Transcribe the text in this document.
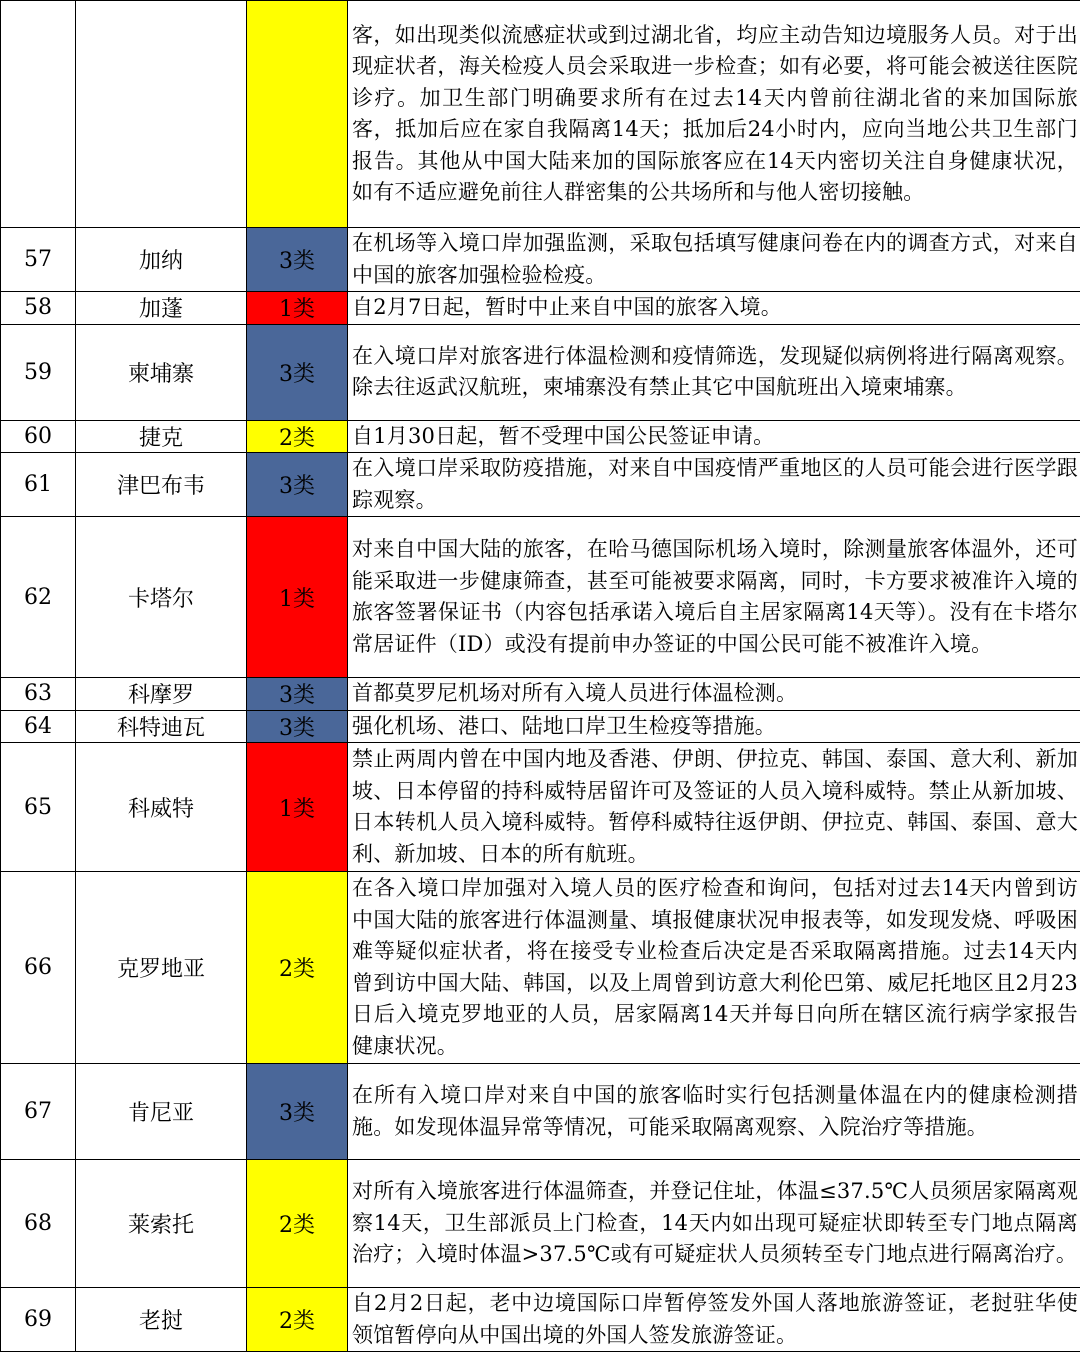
			客，如出现类似流感症状或到过湖北省，均应主动告知边境服务人员。对于出现症状者，海关检疫人员会采取进一步检查；如有必要，将可能会被送往医院诊疗。加卫生部门明确要求所有在过去14天内曾前往湖北省的来加国际旅客，抵加后应在家自我隔离14天；抵加后24小时内，应向当地公共卫生部门报告。其他从中国大陆来加的国际旅客应在14天内密切关注自身健康状况，如有不适应避免前往人群密集的公共场所和与他人密切接触。
57	加纳	3类	在机场等入境口岸加强监测，采取包括填写健康问卷在内的调查方式，对来自中国的旅客加强检验检疫。
58	加蓬	1类	自2月7日起，暂时中止来自中国的旅客入境。
59	柬埔寨	3类	在入境口岸对旅客进行体温检测和疫情筛选，发现疑似病例将进行隔离观察。除去往返武汉航班，柬埔寨没有禁止其它中国航班出入境柬埔寨。
60	捷克	2类	自1月30日起，暂不受理中国公民签证申请。
61	津巴布韦	3类	在入境口岸采取防疫措施，对来自中国疫情严重地区的人员可能会进行医学跟踪观察。
62	卡塔尔	1类	对来自中国大陆的旅客，在哈马德国际机场入境时，除测量旅客体温外，还可能采取进一步健康筛查，甚至可能被要求隔离，同时，卡方要求被准许入境的旅客签署保证书（内容包括承诺入境后自主居家隔离14天等）。没有在卡塔尔常居证件（ID）或没有提前申办签证的中国公民可能不被准许入境。
63	科摩罗	3类	首都莫罗尼机场对所有入境人员进行体温检测。
64	科特迪瓦	3类	强化机场、港口、陆地口岸卫生检疫等措施。
65	科威特	1类	禁止两周内曾在中国内地及香港、伊朗、伊拉克、韩国、泰国、意大利、新加坡、日本停留的持科威特居留许可及签证的人员入境科威特。禁止从新加坡、日本转机人员入境科威特。暂停科威特往返伊朗、伊拉克、韩国、泰国、意大利、新加坡、日本的所有航班。
66	克罗地亚	2类	在各入境口岸加强对入境人员的医疗检查和询问，包括对过去14天内曾到访中国大陆的旅客进行体温测量、填报健康状况申报表等，如发现发烧、呼吸困难等疑似症状者，将在接受专业检查后决定是否采取隔离措施。过去14天内曾到访中国大陆、韩国，以及上周曾到访意大利伦巴第、威尼托地区且2月23日后入境克罗地亚的人员，居家隔离14天并每日向所在辖区流行病学家报告健康状况。
67	肯尼亚	3类	在所有入境口岸对来自中国的旅客临时实行包括测量体温在内的健康检测措施。如发现体温异常等情况，可能采取隔离观察、入院治疗等措施。
68	莱索托	2类	对所有入境旅客进行体温筛查，并登记住址，体温≤37.5℃人员须居家隔离观察14天，卫生部派员上门检查，14天内如出现可疑症状即转至专门地点隔离治疗；入境时体温>37.5℃或有可疑症状人员须转至专门地点进行隔离治疗。
69	老挝	2类	自2月2日起，老中边境国际口岸暂停签发外国人落地旅游签证，老挝驻华使领馆暂停向从中国出境的外国人签发旅游签证。
